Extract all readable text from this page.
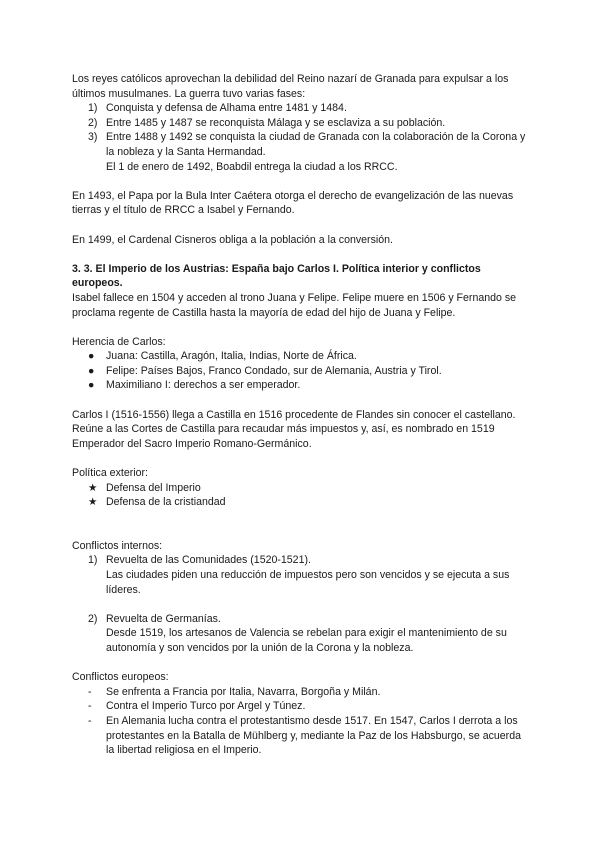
Los reyes católicos aprovechan la debilidad del Reino nazarí de Granada para expulsar a los últimos musulmanes. La guerra tuvo varias fases:

1) Conquista y defensa de Alhama entre 1481 y 1484.
2) Entre 1485 y 1487 se reconquista Málaga y se esclaviza a su población.
3) Entre 1488 y 1492 se conquista la ciudad de Granada con la colaboración de la Corona y la nobleza y la Santa Hermandad.
El 1 de enero de 1492, Boabdil entrega la ciudad a los RRCC.

En 1493, el Papa por la Bula Inter Caétera otorga el derecho de evangelización de las nuevas tierras y el título de RRCC a Isabel y Fernando.

En 1499, el Cardenal Cisneros obliga a la población a la conversión.

3. 3. El Imperio de los Austrias: España bajo Carlos I. Política interior y conflictos europeos.

Isabel fallece en 1504 y acceden al trono Juana y Felipe. Felipe muere en 1506 y Fernando se proclama regente de Castilla hasta la mayoría de edad del hijo de Juana y Felipe.

Herencia de Carlos:

● Juana: Castilla, Aragón, Italia, Indias, Norte de África.
● Felipe: Países Bajos, Franco Condado, sur de Alemania, Austria y Tirol.
● Maximiliano I: derechos a ser emperador.

Carlos I (1516-1556) llega a Castilla en 1516 procedente de Flandes sin conocer el castellano. Reúne a las Cortes de Castilla para recaudar más impuestos y, así, es nombrado en 1519 Emperador del Sacro Imperio Romano-Germánico.

Política exterior:

★ Defensa del Imperio
★ Defensa de la cristiandad

Conflictos internos:

1) Revuelta de las Comunidades (1520-1521).
Las ciudades piden una reducción de impuestos pero son vencidos y se ejecuta a sus líderes.
2) Revuelta de Germanías.
Desde 1519, los artesanos de Valencia se rebelan para exigir el mantenimiento de su autonomía y son vencidos por la unión de la Corona y la nobleza.

Conflictos europeos:

- Se enfrenta a Francia por Italia, Navarra, Borgoña y Milán.
- Contra el Imperio Turco por Argel y Túnez.
- En Alemania lucha contra el protestantismo desde 1517. En 1547, Carlos I derrota a los protestantes en la Batalla de Mühlberg y, mediante la Paz de los Habsburgo, se acuerda la libertad religiosa en el Imperio.
